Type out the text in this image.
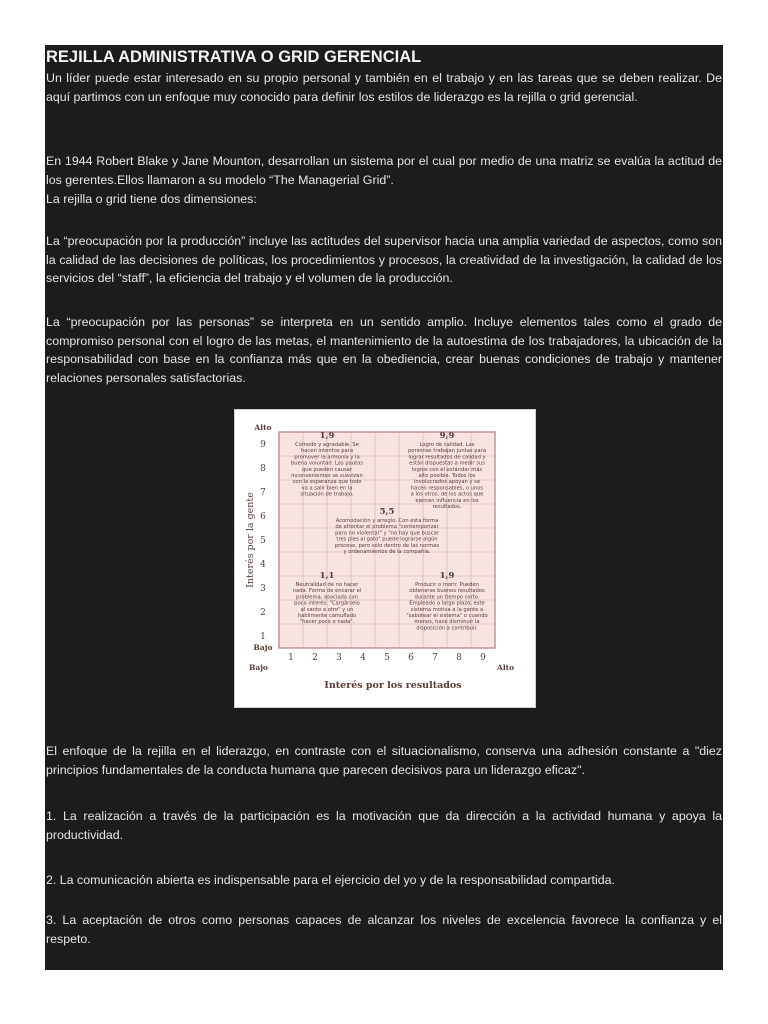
REJILLA ADMINISTRATIVA O GRID GERENCIAL

Un líder puede estar interesado en su propio personal y también en el trabajo y en las tareas que se deben realizar. De aquí partimos con un enfoque muy conocido para definir los estilos de liderazgo es la rejilla o grid gerencial.

En 1944 Robert Blake y Jane Mounton, desarrollan un sistema por el cual por medio de una matriz se evalúa la actitud de los gerentes.Ellos llamaron a su modelo “The Managerial Grid”.

La rejilla o grid tiene dos dimensiones:

La “preocupación por la producción” incluye las actitudes del supervisor hacia una amplia variedad de aspectos, como son la calidad de las decisiones de políticas, los procedimientos y procesos, la creatividad de la investigación, la calidad de los servicios del “staff”, la eficiencia del trabajo y el volumen de la producción.

La “preocupación por las personas” se interpreta en un sentido amplio. Incluye elementos tales como el grado de compromiso personal con el logro de las metas, el mantenimiento de la autoestima de los trabajadores, la ubicación de la responsabilidad con base en la confianza más que en la obediencia, crear buenas condiciones de trabajo y mantener relaciones personales satisfactorias.

1
2
3
4
5
6
7
8
9
1 2 3 4 5 6 7 8 9
Alto
Bajo
Bajo	Alto
Interés por la gente
Interés por los resultados
1,9
Cómodo y agradable. Se
hacen intentos para
promover la armonía y la
buena voluntad. Las pautas
que pueden causar
inconvenientes se suavizan
con la esperanza que todo
va a salir bien en la
situación de trabajo.
9,9
Logro de calidad. Las
personas trabajan juntas para
lograr resultados de calidad y
están dispuestas a medir sus
logros con el estándar más
alto posible. Todos los
involucrados apoyan y se
hacen responsables, o unos
a los otros, de los actos que
ejercen influencia en los
resultados.
5,5
Acomodación y arreglo. Con esta forma
de afrontar el problema "contemporizar
para no violentar" y "no hay que buscar
tres pies al gato" puede lograrse algún
proceso, pero sólo dentro de las normas
y ordenamientos de la compañía.
1,1
Neutralidad de no hacer
nada. Forma de encarar el
problema, asociada con
poco interés. "Cargárselo
al santo a otro" y un
habilmente camuflado
"hacer poco o nada".
1,9
Producir o morir. Pueden
obtenerse buenos resultados
durante un tiempo corto.
Empleado a largo plazo, este
sistema motiva a la gente a
"sabotear el sistema" o cuando
menos, hace disminuir la
disposición a contribuir.

El enfoque de la rejilla en el liderazgo, en contraste con el situacionalismo, conserva una adhesión constante a "diez principios fundamentales de la conducta humana que parecen decisivos para un liderazgo eficaz".

1. La realización a través de la participación es la motivación que da dirección a la actividad humana y apoya la productividad.

2. La comunicación abierta es indispensable para el ejercicio del yo y de la responsabilidad compartida.

3. La aceptación de otros como personas capaces de alcanzar los niveles de excelencia favorece la confianza y el respeto.
